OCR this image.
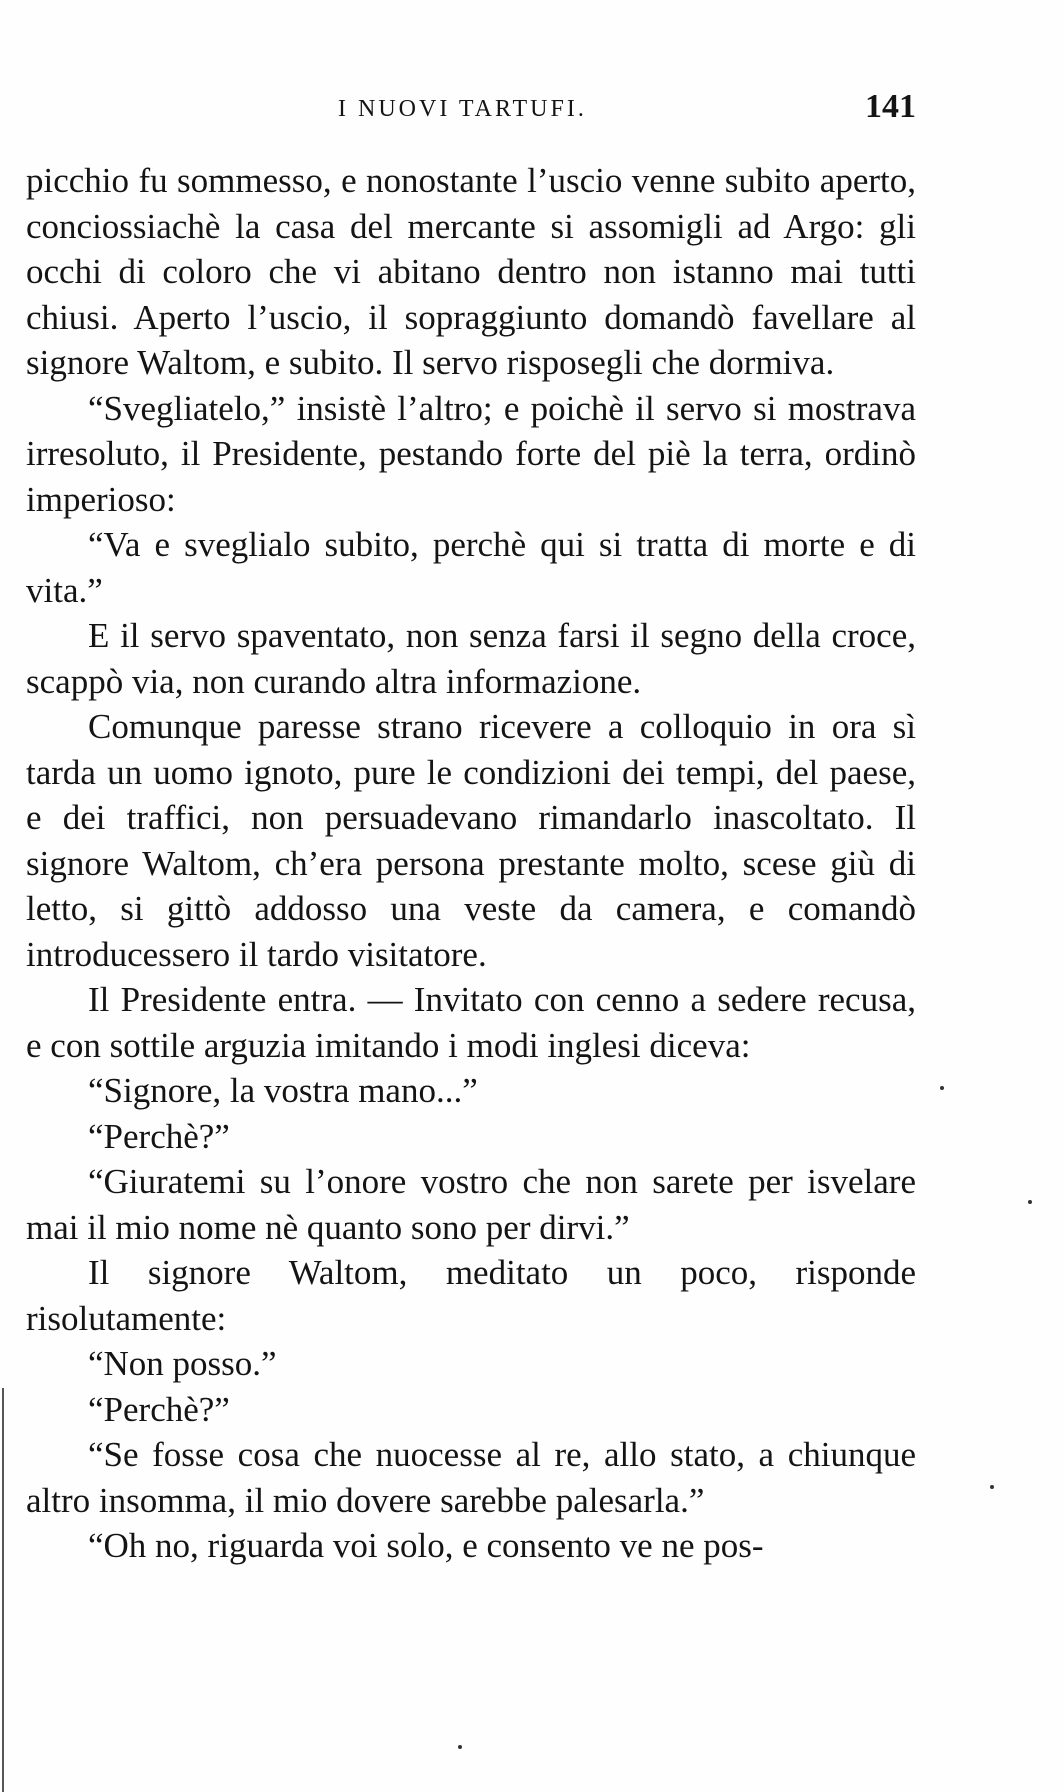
I NUOVI TARTUFI.	141

picchio fu sommesso, e nonostante l’uscio venne subito aperto, conciossiachè la casa del mercante si assomigli ad Argo: gli occhi di coloro che vi abitano dentro non istanno mai tutti chiusi. Aperto l’uscio, il sopraggiunto domandò favellare al signore Waltom, e subito. Il servo risposegli che dormiva.

“Svegliatelo,” insistè l’altro; e poichè il servo si mostrava irresoluto, il Presidente, pestando forte del piè la terra, ordinò imperioso:

“Va e sveglialo subito, perchè qui si tratta di morte e di vita.”

E il servo spaventato, non senza farsi il segno della croce, scappò via, non curando altra informazione.

Comunque paresse strano ricevere a colloquio in ora sì tarda un uomo ignoto, pure le condizioni dei tempi, del paese, e dei traffici, non persuadevano rimandarlo inascoltato. Il signore Waltom, ch’era persona prestante molto, scese giù di letto, si gittò addosso una veste da camera, e comandò introducessero il tardo visitatore.

Il Presidente entra. — Invitato con cenno a sedere recusa, e con sottile arguzia imitando i modi inglesi diceva:

“Signore, la vostra mano...”

“Perchè?”

“Giuratemi su l’onore vostro che non sarete per isvelare mai il mio nome nè quanto sono per dirvi.”

Il signore Waltom, meditato un poco, risponde risolutamente:

“Non posso.”

“Perchè?”

“Se fosse cosa che nuocesse al re, allo stato, a chiunque altro insomma, il mio dovere sarebbe palesarla.”

“Oh no, riguarda voi solo, e consento ve ne pos-
